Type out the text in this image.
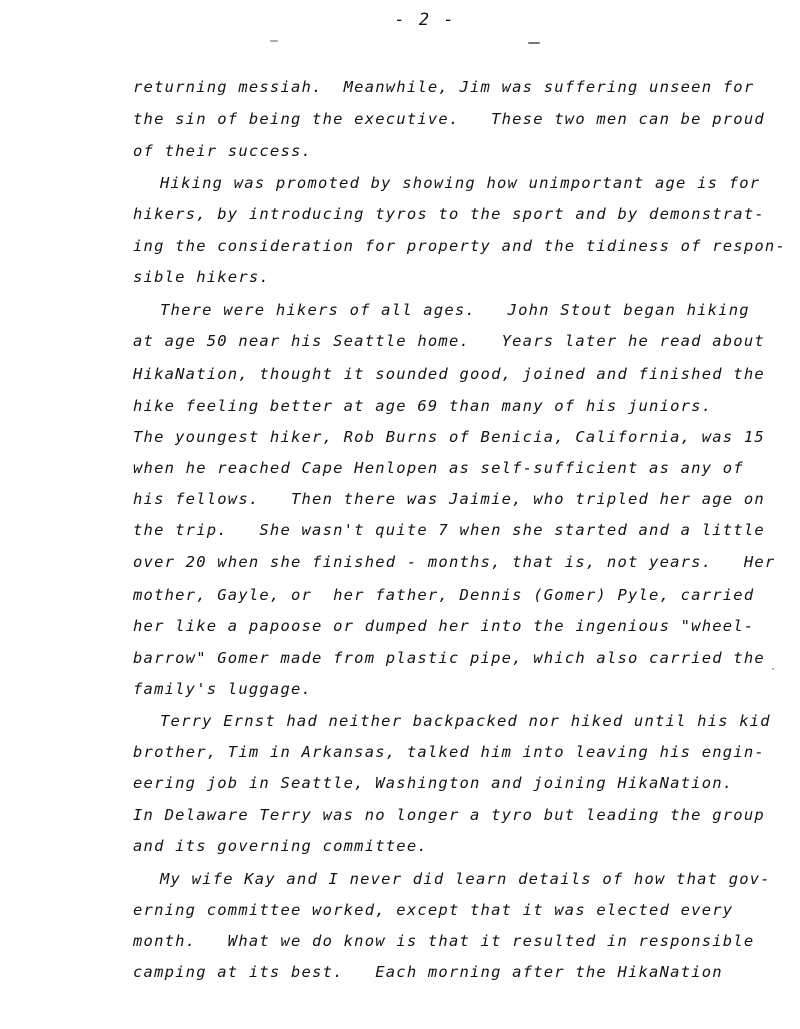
- 2 -
returning messiah.  Meanwhile, Jim was suffering unseen for
the sin of being the executive.   These two men can be proud
of their success.
Hiking was promoted by showing how unimportant age is for
hikers, by introducing tyros to the sport and by demonstrat-
ing the consideration for property and the tidiness of respon-
sible hikers.
There were hikers of all ages.   John Stout began hiking
at age 50 near his Seattle home.   Years later he read about
HikaNation, thought it sounded good, joined and finished the
hike feeling better at age 69 than many of his juniors.
The youngest hiker, Rob Burns of Benicia, California, was 15
when he reached Cape Henlopen as self-sufficient as any of
his fellows.   Then there was Jaimie, who tripled her age on
the trip.   She wasn't quite 7 when she started and a little
over 20 when she finished - months, that is, not years.   Her
mother, Gayle, or  her father, Dennis (Gomer) Pyle, carried
her like a papoose or dumped her into the ingenious "wheel-
barrow" Gomer made from plastic pipe, which also carried the
family's luggage.
Terry Ernst had neither backpacked nor hiked until his kid
brother, Tim in Arkansas, talked him into leaving his engin-
eering job in Seattle, Washington and joining HikaNation.
In Delaware Terry was no longer a tyro but leading the group
and its governing committee.
My wife Kay and I never did learn details of how that gov-
erning committee worked, except that it was elected every
month.   What we do know is that it resulted in responsible
camping at its best.   Each morning after the HikaNation
